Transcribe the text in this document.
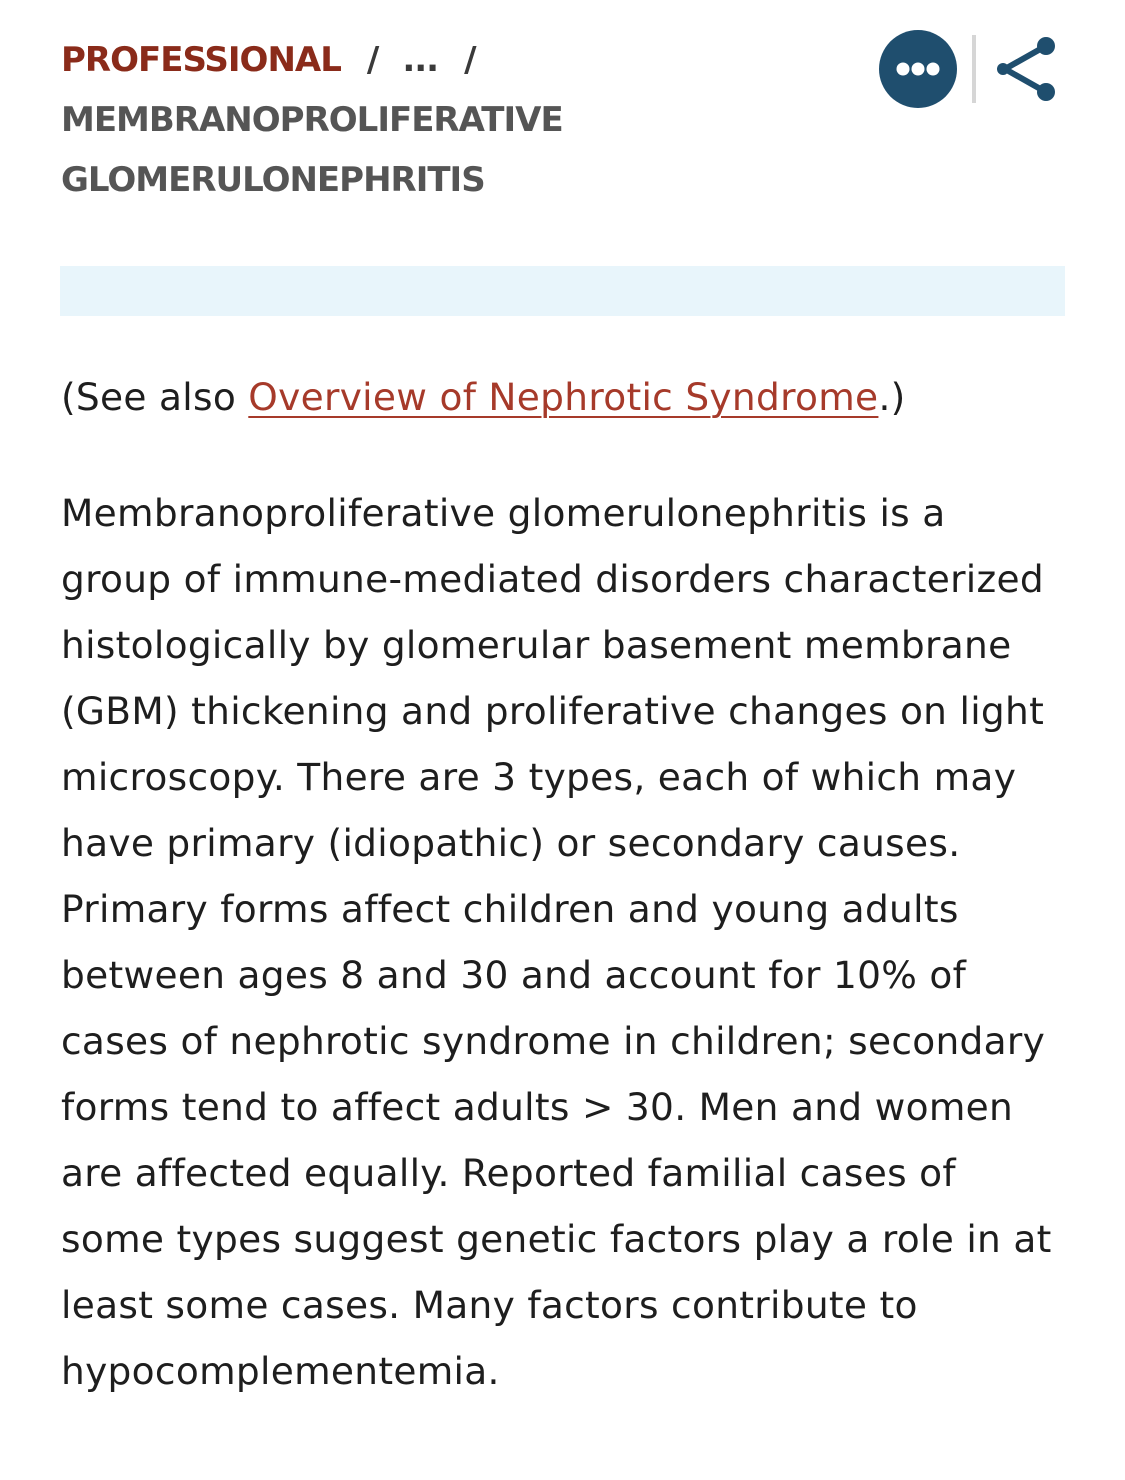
PROFESSIONAL / ... /
MEMBRANOPROLIFERATIVE GLOMERULONEPHRITIS

(See also Overview of Nephrotic Syndrome.)

Membranoproliferative glomerulonephritis is a group of immune-mediated disorders characterized histologically by glomerular basement membrane (GBM) thickening and proliferative changes on light microscopy. There are 3 types, each of which may have primary (idiopathic) or secondary causes. Primary forms affect children and young adults between ages 8 and 30 and account for 10% of cases of nephrotic syndrome in children; secondary forms tend to affect adults > 30. Men and women are affected equally. Reported familial cases of some types suggest genetic factors play a role in at least some cases. Many factors contribute to hypocomplementemia.
